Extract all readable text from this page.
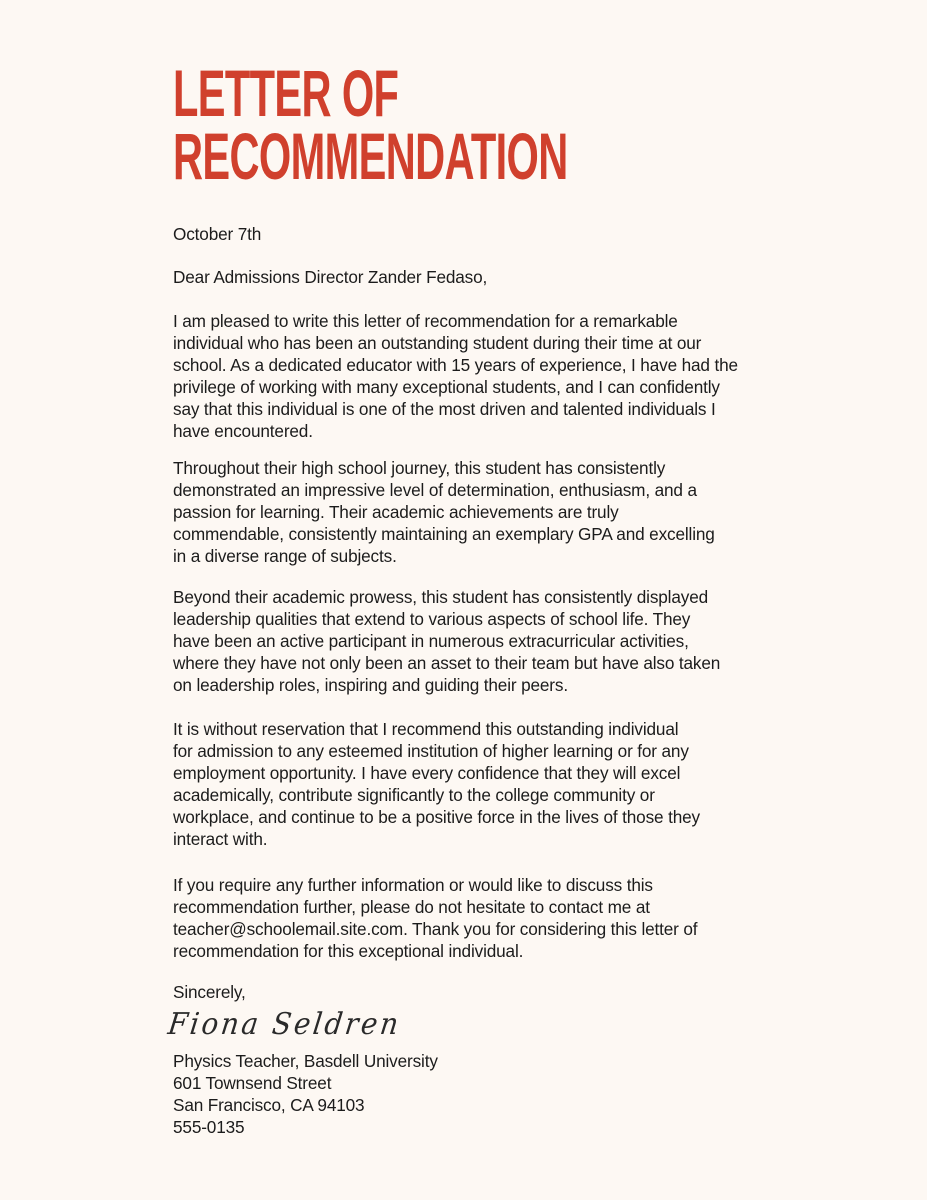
LETTER OF
RECOMMENDATION
October 7th
Dear Admissions Director Zander Fedaso,
I am pleased to write this letter of recommendation for a remarkable
individual who has been an outstanding student during their time at our
school. As a dedicated educator with 15 years of experience, I have had the
privilege of working with many exceptional students, and I can confidently
say that this individual is one of the most driven and talented individuals I
have encountered.
Throughout their high school journey, this student has consistently
demonstrated an impressive level of determination, enthusiasm, and a
passion for learning. Their academic achievements are truly
commendable, consistently maintaining an exemplary GPA and excelling
in a diverse range of subjects.
Beyond their academic prowess, this student has consistently displayed
leadership qualities that extend to various aspects of school life. They
have been an active participant in numerous extracurricular activities,
where they have not only been an asset to their team but have also taken
on leadership roles, inspiring and guiding their peers.
It is without reservation that I recommend this outstanding individual
for admission to any esteemed institution of higher learning or for any
employment opportunity. I have every confidence that they will excel
academically, contribute significantly to the college community or
workplace, and continue to be a positive force in the lives of those they
interact with.
If you require any further information or would like to discuss this
recommendation further, please do not hesitate to contact me at
teacher@schoolemail.site.com. Thank you for considering this letter of
recommendation for this exceptional individual.
Sincerely,
Fiona Seldren
Physics Teacher, Basdell University
601 Townsend Street
San Francisco, CA 94103
555-0135
